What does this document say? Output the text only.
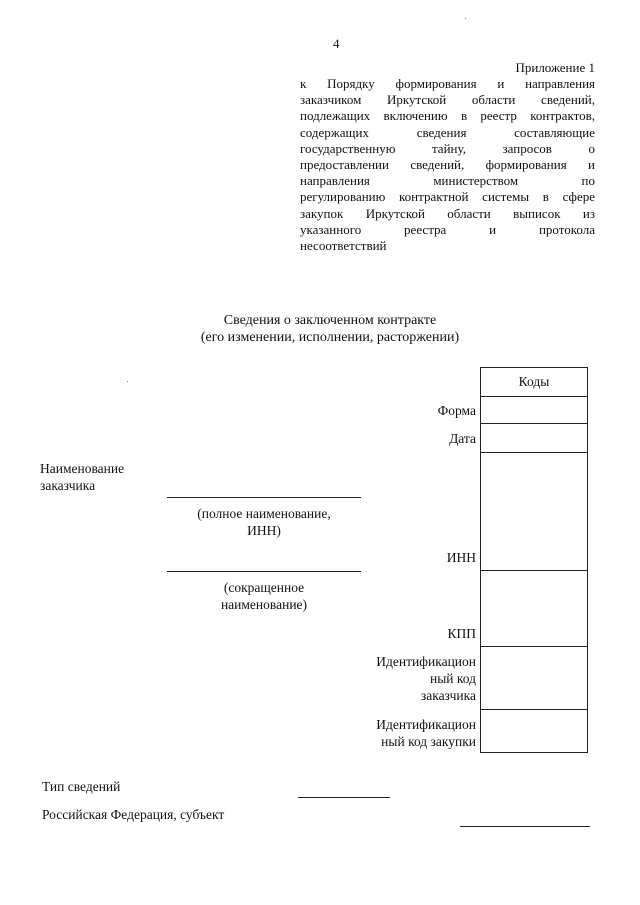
4
Приложение 1
к Порядку формирования и направления
заказчиком Иркутской области сведений,
подлежащих включению в реестр контрактов,
содержащих сведения составляющие
государственную тайну, запросов о
предоставлении сведений, формирования и
направления министерством по
регулированию контрактной системы в сфере
закупок Иркутской области выписок из
указанного реестра и протокола
несоответствий
Сведения о заключенном контракте
(его изменении, исполнении, расторжении)
Коды
Форма
Дата
ИНН
КПП
Идентификацион
ный код
заказчика
Идентификацион
ный код закупки
Наименование
заказчика
(полное наименование,
ИНН)
(сокращенное
наименование)
Тип сведений
Российская Федерация, субъект
